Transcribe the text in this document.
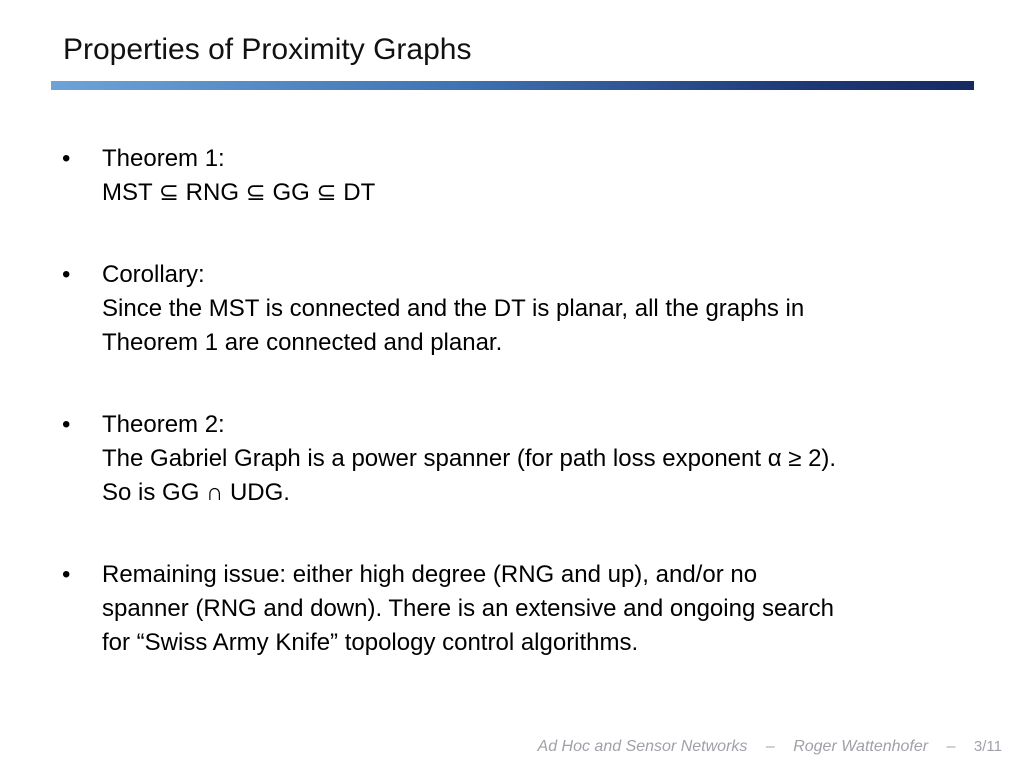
Properties of Proximity Graphs
•	Theorem 1:
MST ⊆ RNG ⊆ GG ⊆ DT
•	Corollary:
Since the MST is connected and the DT is planar, all the graphs in
Theorem 1 are connected and planar.
•	Theorem 2:
The Gabriel Graph is a power spanner (for path loss exponent α ≥ 2).
So is GG ∩ UDG.
•	Remaining issue: either high degree (RNG and up), and/or no
spanner (RNG and down). There is an extensive and ongoing search
for “Swiss Army Knife” topology control algorithms.
Ad Hoc and Sensor Networks – Roger Wattenhofer – 3/11
